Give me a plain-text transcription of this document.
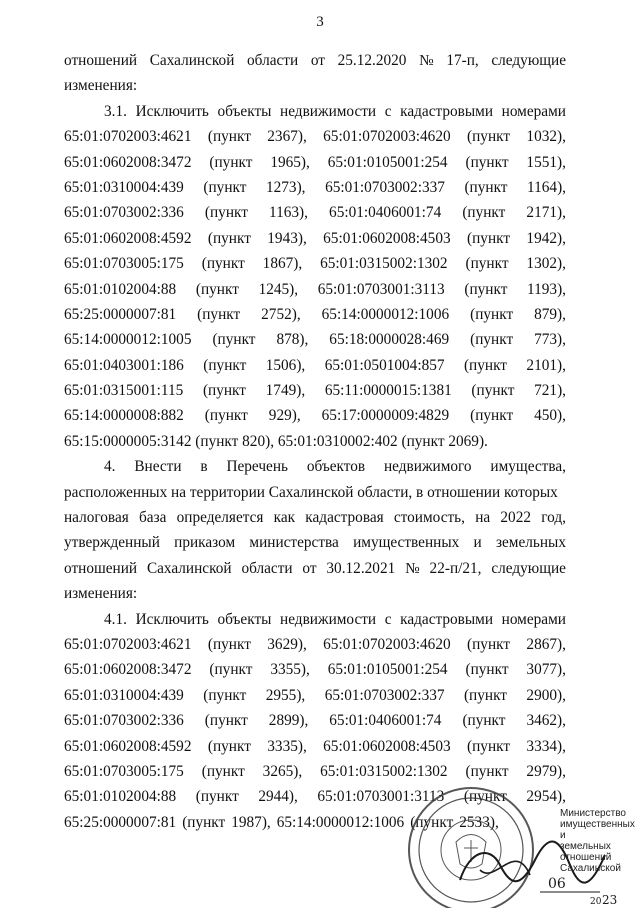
3
отношений Сахалинской области от 25.12.2020 № 17-п, следующие
изменения:
3.1. Исключить объекты недвижимости с кадастровыми номерами
65:01:0702003:4621 (пункт 2367), 65:01:0702003:4620 (пункт 1032),
65:01:0602008:3472 (пункт 1965), 65:01:0105001:254 (пункт 1551),
65:01:0310004:439 (пункт 1273), 65:01:0703002:337 (пункт 1164),
65:01:0703002:336 (пункт 1163), 65:01:0406001:74 (пункт 2171),
65:01:0602008:4592 (пункт 1943), 65:01:0602008:4503 (пункт 1942),
65:01:0703005:175 (пункт 1867), 65:01:0315002:1302 (пункт 1302),
65:01:0102004:88 (пункт 1245), 65:01:0703001:3113 (пункт 1193),
65:25:0000007:81 (пункт 2752), 65:14:0000012:1006 (пункт 879),
65:14:0000012:1005 (пункт 878), 65:18:0000028:469 (пункт 773),
65:01:0403001:186 (пункт 1506), 65:01:0501004:857 (пункт 2101),
65:01:0315001:115 (пункт 1749), 65:11:0000015:1381 (пункт 721),
65:14:0000008:882 (пункт 929), 65:17:0000009:4829 (пункт 450),
65:15:0000005:3142 (пункт 820), 65:01:0310002:402 (пункт 2069).
4. Внести в Перечень объектов недвижимого имущества,
расположенных на территории Сахалинской области, в отношении которых
налоговая база определяется как кадастровая стоимость, на 2022 год,
утвержденный приказом министерства имущественных и земельных
отношений Сахалинской области от 30.12.2021 № 22-п/21, следующие
изменения:
4.1. Исключить объекты недвижимости с кадастровыми номерами
65:01:0702003:4621 (пункт 3629), 65:01:0702003:4620 (пункт 2867),
65:01:0602008:3472 (пункт 3355), 65:01:0105001:254 (пункт 3077),
65:01:0310004:439 (пункт 2955), 65:01:0703002:337 (пункт 2900),
65:01:0703002:336 (пункт 2899), 65:01:0406001:74 (пункт 3462),
65:01:0602008:4592 (пункт 3335), 65:01:0602008:4503 (пункт 3334),
65:01:0703005:175 (пункт 3265), 65:01:0315002:1302 (пункт 2979),
65:01:0102004:88 (пункт 2944), 65:01:0703001:3113 (пункт 2954),
65:25:0000007:81 (пункт 1987), 65:14:0000012:1006 (пункт 2533),
06
20 23
Министерство имущественных и
земельных отношений Сахалинской
